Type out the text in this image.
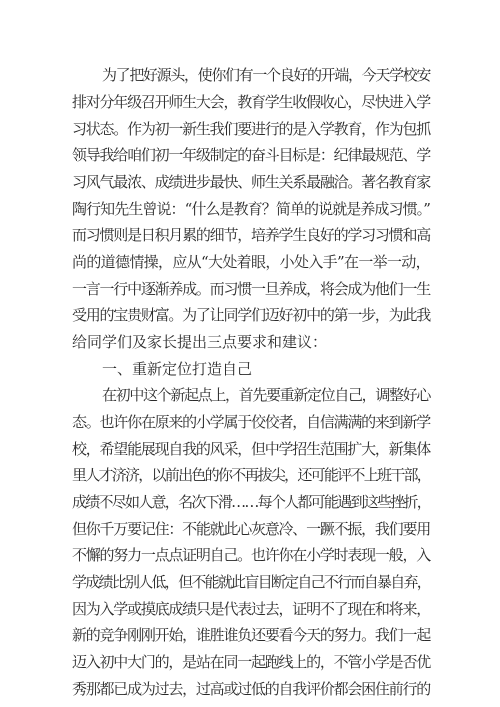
为了把好源头，使你们有一个良好的开端，今天学校安
排对分年级召开师生大会，教育学生收假收心，尽快进入学
习状态。作为初一新生我们要进行的是入学教育，作为包抓
领导我给咱们初一年级制定的奋斗目标是：纪律最规范、学
习风气最浓、成绩进步最快、师生关系最融洽。著名教育家
陶行知先生曾说：“什么是教育？简单的说就是养成习惯。”
而习惯则是日积月累的细节，培养学生良好的学习习惯和高
尚的道德情操，应从“大处着眼，小处入手”在一举一动，
一言一行中逐渐养成。而习惯一旦养成，将会成为他们一生
受用的宝贵财富。为了让同学们迈好初中的第一步，为此我
给同学们及家长提出三点要求和建议：
一、重新定位打造自己
在初中这个新起点上，首先要重新定位自己，调整好心
态。也许你在原来的小学属于佼佼者，自信满满的来到新学
校，希望能展现自我的风采，但中学招生范围扩大，新集体
里人才济济，以前出色的你不再拔尖，还可能评不上班干部，
成绩不尽如人意，名次下滑……每个人都可能遇到这些挫折，
但你千万要记住：不能就此心灰意冷、一蹶不振，我们要用
不懈的努力一点点证明自己。也许你在小学时表现一般，入
学成绩比别人低，但不能就此盲目断定自己不行而自暴自弃，
因为入学或摸底成绩只是代表过去，证明不了现在和将来，
新的竞争刚刚开始，谁胜谁负还要看今天的努力。我们一起
迈入初中大门的，是站在同一起跑线上的，不管小学是否优
秀那都已成为过去，过高或过低的自我评价都会困住前行的
